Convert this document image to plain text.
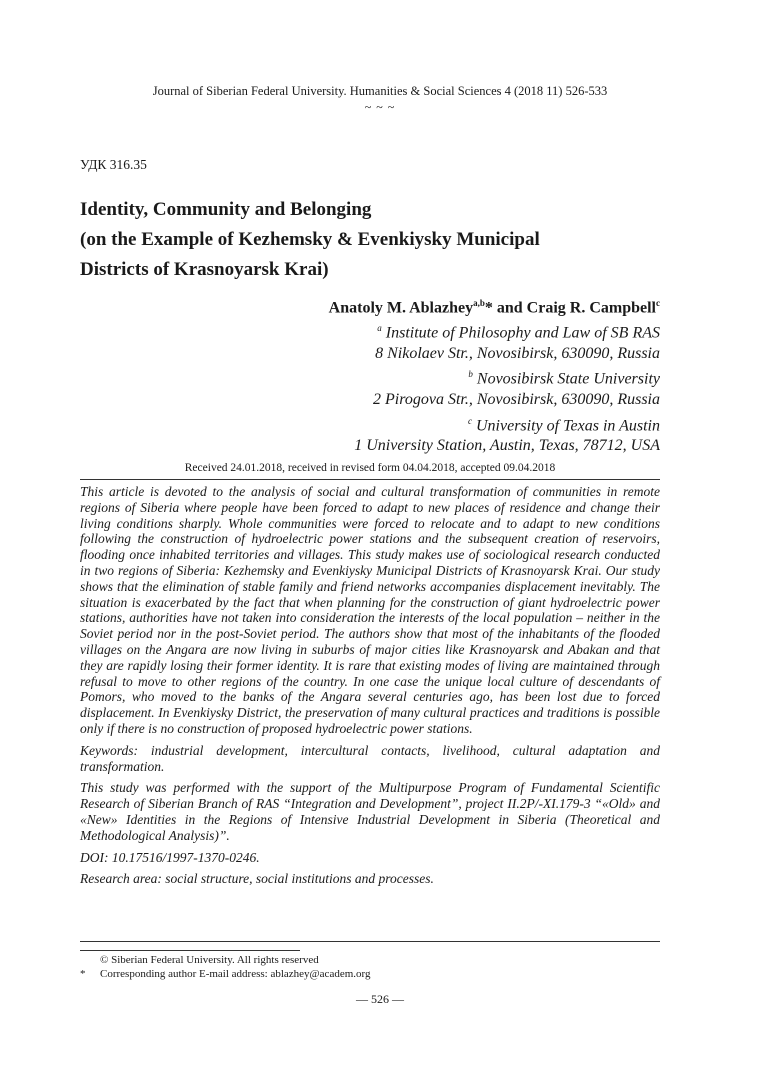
Journal of Siberian Federal University. Humanities & Social Sciences 4 (2018 11) 526-533
~ ~ ~
УДК 316.35
Identity, Community and Belonging
(on the Example of Kezhemsky & Evenkiysky Municipal
Districts of Krasnoyarsk Krai)
Anatoly M. Ablazhey$^{a,b}$* and Craig R. Campbell$^c$
$^a$ Institute of Philosophy and Law of SB RAS
8 Nikolaev Str., Novosibirsk, 630090, Russia
$^b$ Novosibirsk State University
2 Pirogova Str., Novosibirsk, 630090, Russia
$^c$ University of Texas in Austin
1 University Station, Austin, Texas, 78712, USA
Received 24.01.2018, received in revised form 04.04.2018, accepted 09.04.2018

This article is devoted to the analysis of social and cultural transformation of communities in remote regions of Siberia where people have been forced to adapt to new places of residence and change their living conditions sharply. Whole communities were forced to relocate and to adapt to new conditions following the construction of hydroelectric power stations and the subsequent creation of reservoirs, flooding once inhabited territories and villages. This study makes use of sociological research conducted in two regions of Siberia: Kezhemsky and Evenkiysky Municipal Districts of Krasnoyarsk Krai. Our study shows that the elimination of stable family and friend networks accompanies displacement inevitably. The situation is exacerbated by the fact that when planning for the construction of giant hydroelectric power stations, authorities have not taken into consideration the interests of the local population – neither in the Soviet period nor in the post-Soviet period. The authors show that most of the inhabitants of the flooded villages on the Angara are now living in suburbs of major cities like Krasnoyarsk and Abakan and that they are rapidly losing their former identity. It is rare that existing modes of living are maintained through refusal to move to other regions of the country. In one case the unique local culture of descendants of Pomors, who moved to the banks of the Angara several centuries ago, has been lost due to forced displacement. In Evenkiysky District, the preservation of many cultural practices and traditions is possible only if there is no construction of proposed hydroelectric power stations.

Keywords: industrial development, intercultural contacts, livelihood, cultural adaptation and transformation.

This study was performed with the support of the Multipurpose Program of Fundamental Scientific Research of Siberian Branch of RAS “Integration and Development”, project II.2P/-XI.179-3 “«Old» and «New» Identities in the Regions of Intensive Industrial Development in Siberia (Theoretical and Methodological Analysis)”.

DOI: 10.17516/1997-1370-0246.

Research area: social structure, social institutions and processes.

© Siberian Federal University. All rights reserved
* Corresponding author E-mail address: ablazhey@academ.org
— 526 —
